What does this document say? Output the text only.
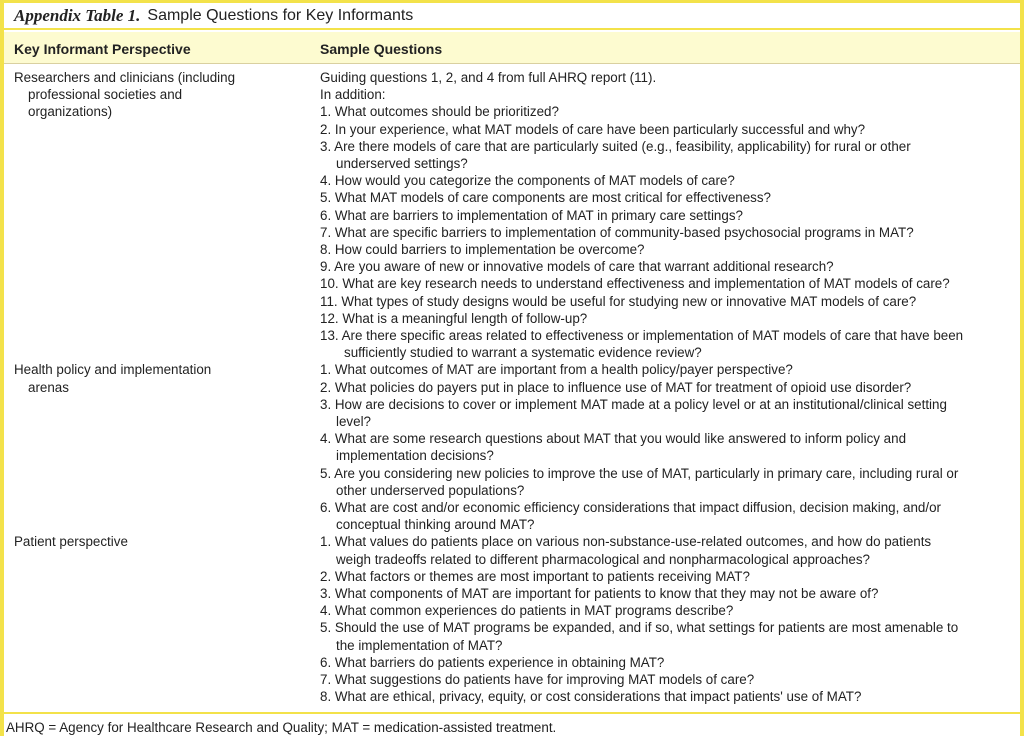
Appendix Table 1. Sample Questions for Key Informants
Key Informant Perspective	Sample Questions
Researchers and clinicians (including
professional societies and
organizations)
Guiding questions 1, 2, and 4 from full AHRQ report (11).
In addition:
1. What outcomes should be prioritized?
2. In your experience, what MAT models of care have been particularly successful and why?
3. Are there models of care that are particularly suited (e.g., feasibility, applicability) for rural or other
underserved settings?
4. How would you categorize the components of MAT models of care?
5. What MAT models of care components are most critical for effectiveness?
6. What are barriers to implementation of MAT in primary care settings?
7. What are specific barriers to implementation of community-based psychosocial programs in MAT?
8. How could barriers to implementation be overcome?
9. Are you aware of new or innovative models of care that warrant additional research?
10. What are key research needs to understand effectiveness and implementation of MAT models of care?
11. What types of study designs would be useful for studying new or innovative MAT models of care?
12. What is a meaningful length of follow-up?
13. Are there specific areas related to effectiveness or implementation of MAT models of care that have been
sufficiently studied to warrant a systematic evidence review?
Health policy and implementation
arenas
1. What outcomes of MAT are important from a health policy/payer perspective?
2. What policies do payers put in place to influence use of MAT for treatment of opioid use disorder?
3. How are decisions to cover or implement MAT made at a policy level or at an institutional/clinical setting
level?
4. What are some research questions about MAT that you would like answered to inform policy and
implementation decisions?
5. Are you considering new policies to improve the use of MAT, particularly in primary care, including rural or
other underserved populations?
6. What are cost and/or economic efficiency considerations that impact diffusion, decision making, and/or
conceptual thinking around MAT?
Patient perspective	1. What values do patients place on various non-substance-use-related outcomes, and how do patients
weigh tradeoffs related to different pharmacological and nonpharmacological approaches?
2. What factors or themes are most important to patients receiving MAT?
3. What components of MAT are important for patients to know that they may not be aware of?
4. What common experiences do patients in MAT programs describe?
5. Should the use of MAT programs be expanded, and if so, what settings for patients are most amenable to
the implementation of MAT?
6. What barriers do patients experience in obtaining MAT?
7. What suggestions do patients have for improving MAT models of care?
8. What are ethical, privacy, equity, or cost considerations that impact patients' use of MAT?
AHRQ = Agency for Healthcare Research and Quality; MAT = medication-assisted treatment.
